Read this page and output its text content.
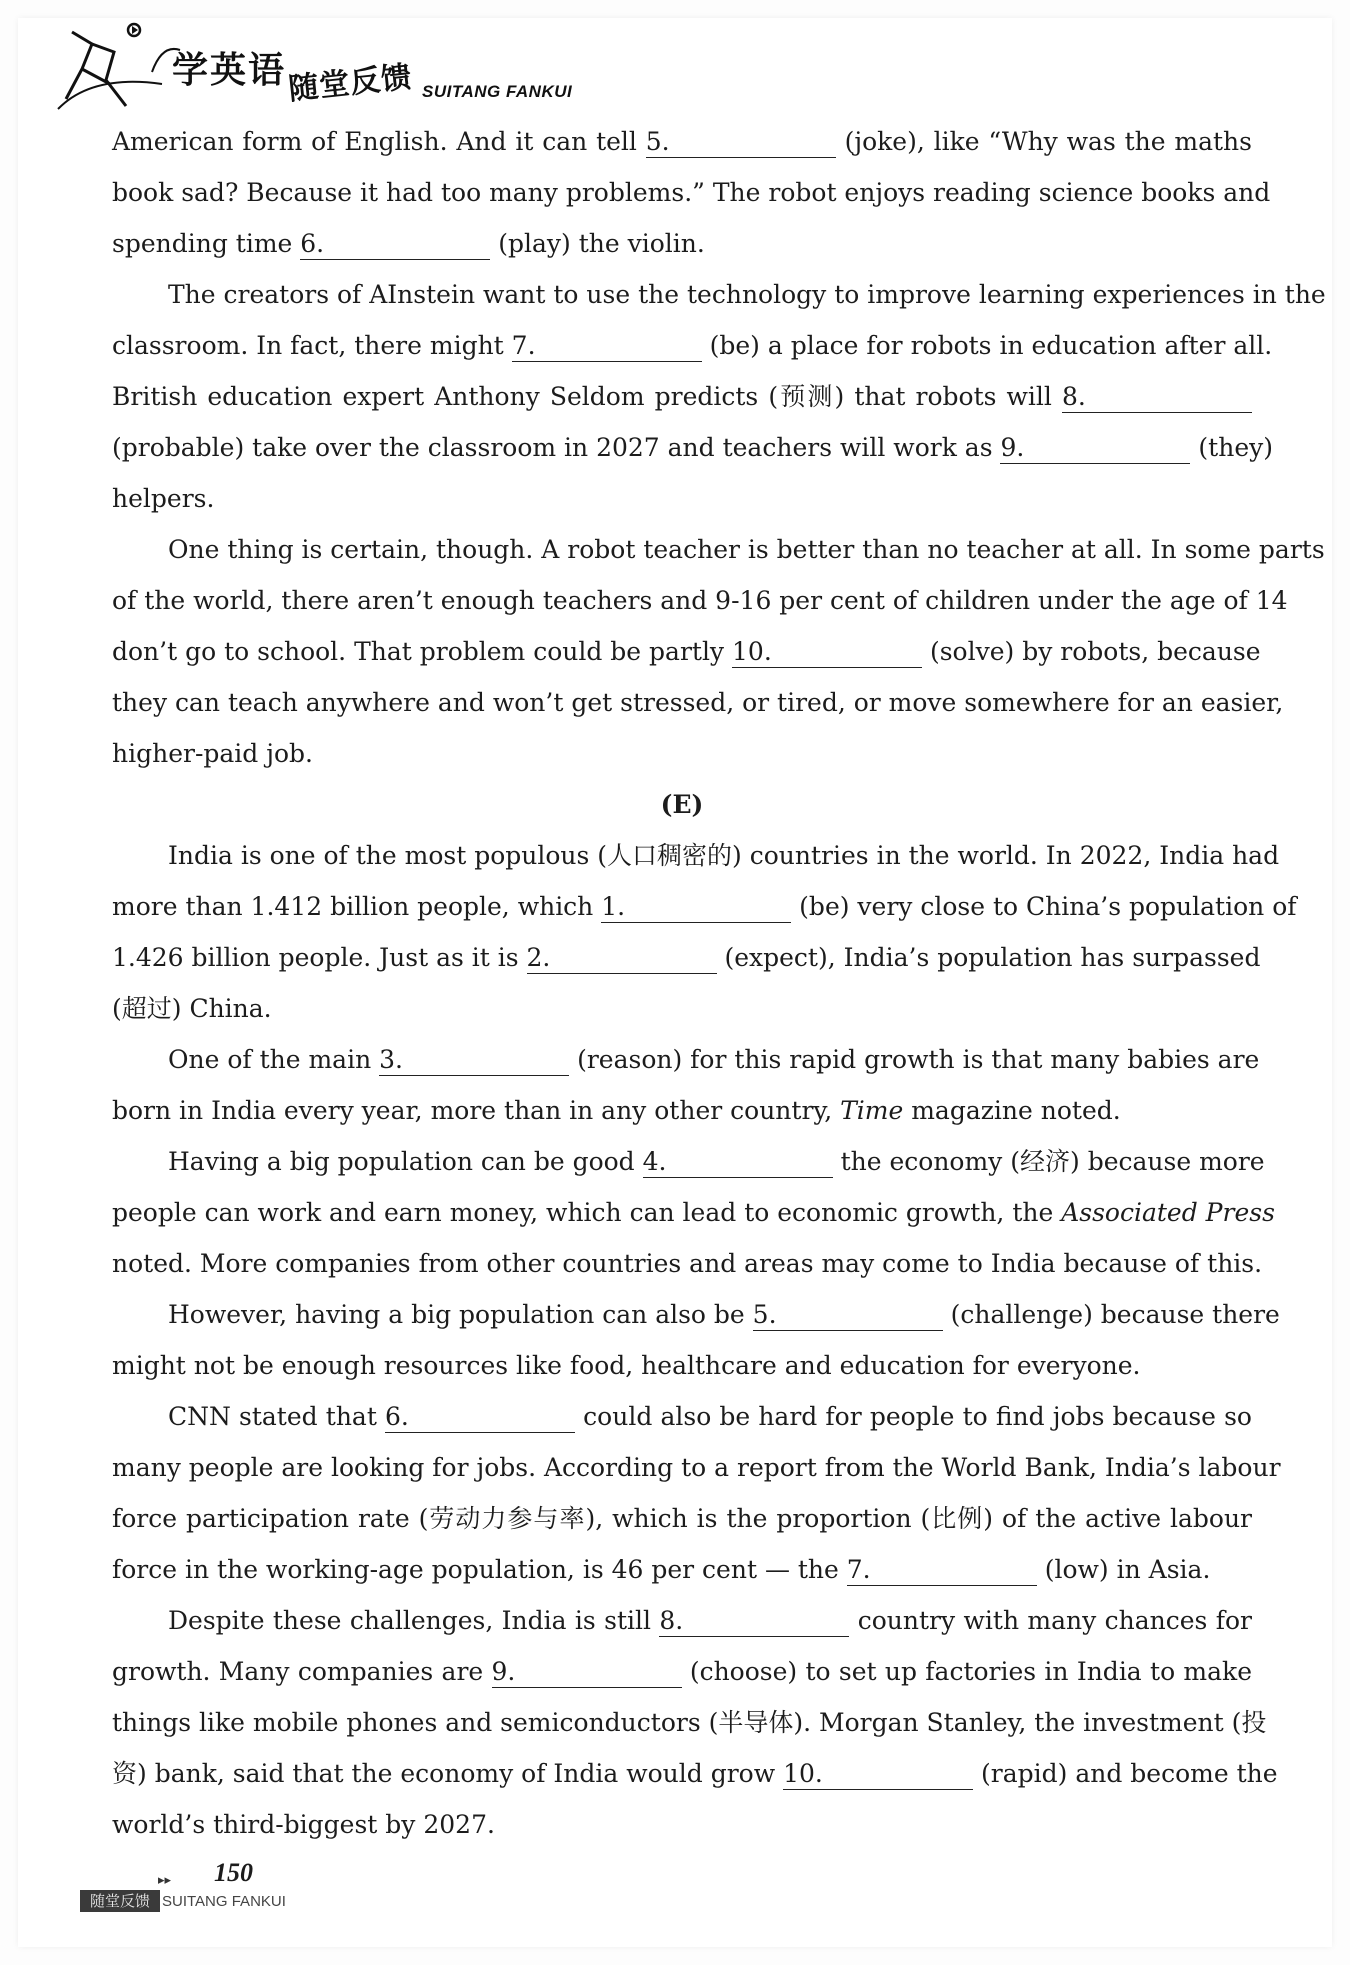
学英语 随堂反馈 SUITANG FANKUI
American form of English. And it can tell 5.	(joke), like “Why was the maths
book sad? Because it had too many problems.” The robot enjoys reading science books and
spending time 6.	(play) the violin.
The creators of AInstein want to use the technology to improve learning experiences in the
classroom. In fact, there might 7.	(be) a place for robots in education after all.
British education expert Anthony Seldom predicts (预测) that robots will 8.
(probable) take over the classroom in 2027 and teachers will work as 9.	(they)
helpers.
One thing is certain, though. A robot teacher is better than no teacher at all. In some parts
of the world, there aren’t enough teachers and 9-16 per cent of children under the age of 14
don’t go to school. That problem could be partly 10.	(solve) by robots, because
they can teach anywhere and won’t get stressed, or tired, or move somewhere for an easier,
higher-paid job.
(E)
India is one of the most populous (人口稠密的) countries in the world. In 2022, India had
more than 1.412 billion people, which 1.	(be) very close to China’s population of
1.426 billion people. Just as it is 2.	(expect), India’s population has surpassed
(超过) China.
One of the main 3.	(reason) for this rapid growth is that many babies are
born in India every year, more than in any other country, Time magazine noted.
Having a big population can be good 4.	the economy (经济) because more
people can work and earn money, which can lead to economic growth, the Associated Press
noted. More companies from other countries and areas may come to India because of this.
However, having a big population can also be 5.	(challenge) because there
might not be enough resources like food, healthcare and education for everyone.
CNN stated that 6.	could also be hard for people to find jobs because so
many people are looking for jobs. According to a report from the World Bank, India’s labour
force participation rate (劳动力参与率), which is the proportion (比例) of the active labour
force in the working-age population, is 46 per cent — the 7.	(low) in Asia.
Despite these challenges, India is still 8.	country with many chances for
growth. Many companies are 9.	(choose) to set up factories in India to make
things like mobile phones and semiconductors (半导体). Morgan Stanley, the investment (投
资) bank, said that the economy of India would grow 10.	(rapid) and become the
world’s third-biggest by 2027.
▸▸ 150
随堂反馈 SUITANG FANKUI
